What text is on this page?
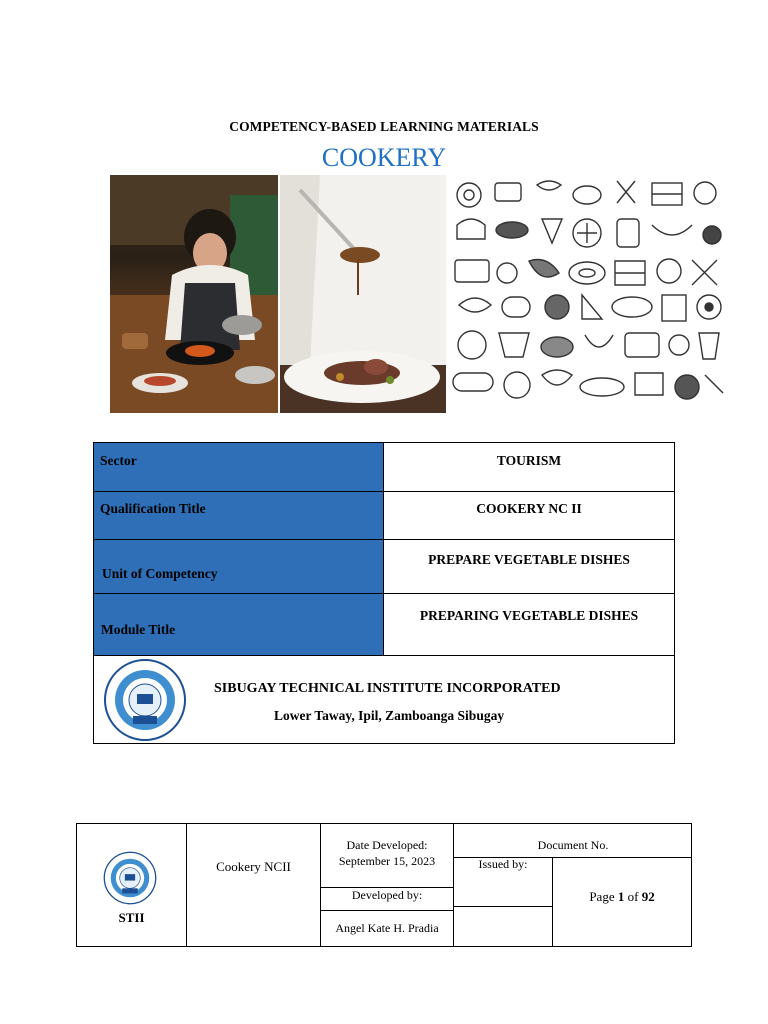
COMPETENCY-BASED LEARNING MATERIALS
COOKERY
Sector	TOURISM
Qualification Title	COOKERY NC II
Unit of Competency
PREPARE VEGETABLE DISHES
Module Title
PREPARING VEGETABLE DISHES
SIBUGAY TECHNICAL INSTITUTE INCORPORATED
Lower Taway, Ipil, Zamboanga Sibugay
STII
Cookery NCII
Date Developed:
September 15, 2023
Developed by:
Angel Kate H. Pradia
Document No.
Issued by:
Page 1 of 92
